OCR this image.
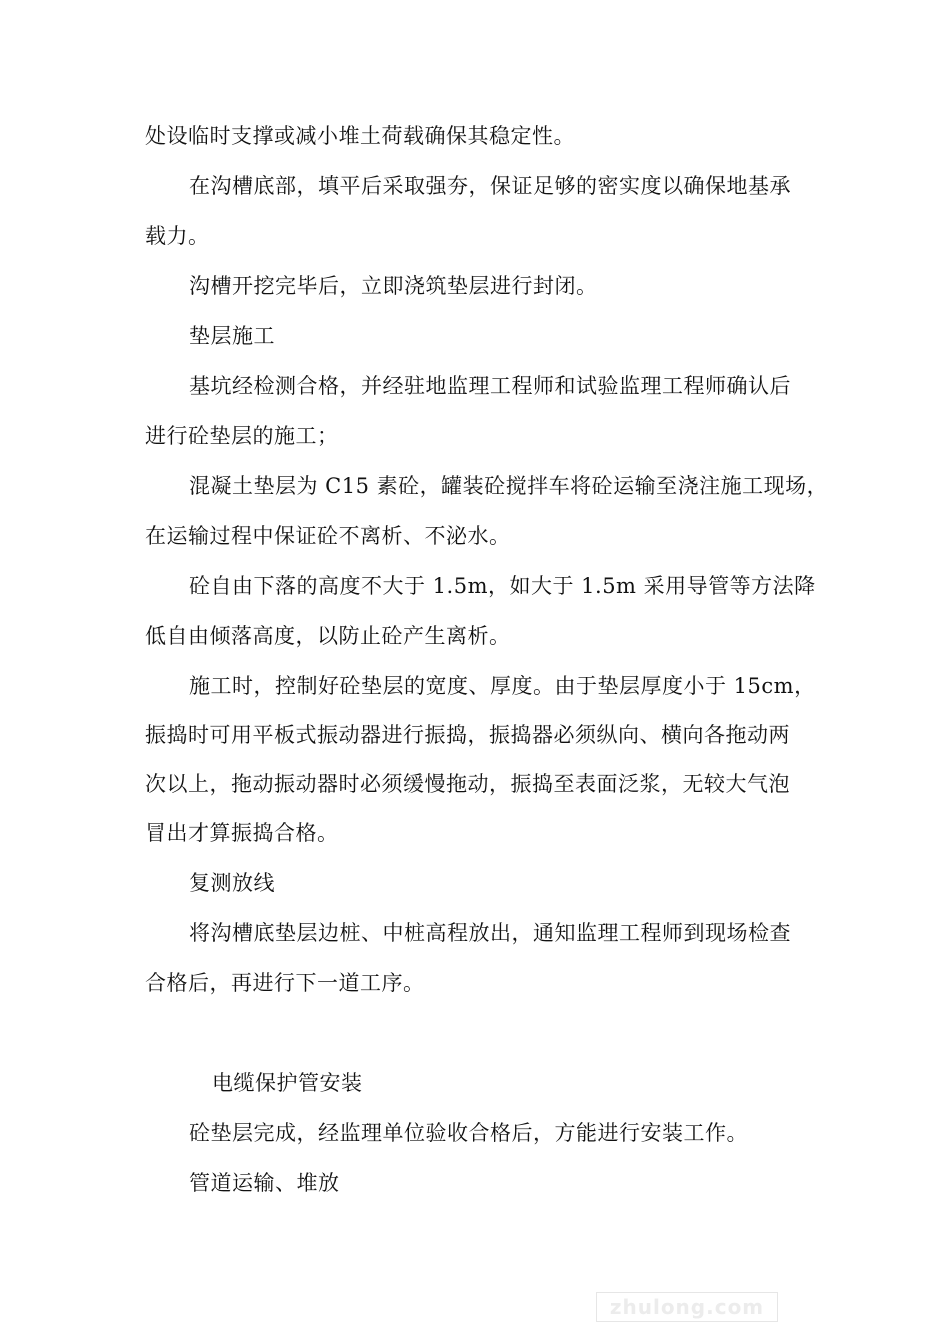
处设临时支撑或减小堆土荷载确保其稳定性。
在沟槽底部，填平后采取强夯，保证足够的密实度以确保地基承
载力。
沟槽开挖完毕后，立即浇筑垫层进行封闭。
垫层施工
基坑经检测合格，并经驻地监理工程师和试验监理工程师确认后
进行砼垫层的施工；
混凝土垫层为 C15 素砼，罐装砼搅拌车将砼运输至浇注施工现场，
在运输过程中保证砼不离析、不泌水。
砼自由下落的高度不大于 1.5m，如大于 1.5m 采用导管等方法降
低自由倾落高度，以防止砼产生离析。
施工时，控制好砼垫层的宽度、厚度。由于垫层厚度小于 15cm，
振捣时可用平板式振动器进行振捣，振捣器必须纵向、横向各拖动两
次以上，拖动振动器时必须缓慢拖动，振捣至表面泛浆，无较大气泡
冒出才算振捣合格。
复测放线
将沟槽底垫层边桩、中桩高程放出，通知监理工程师到现场检查
合格后，再进行下一道工序。
电缆保护管安装
砼垫层完成，经监理单位验收合格后，方能进行安装工作。
管道运输、堆放
zhulong.com
